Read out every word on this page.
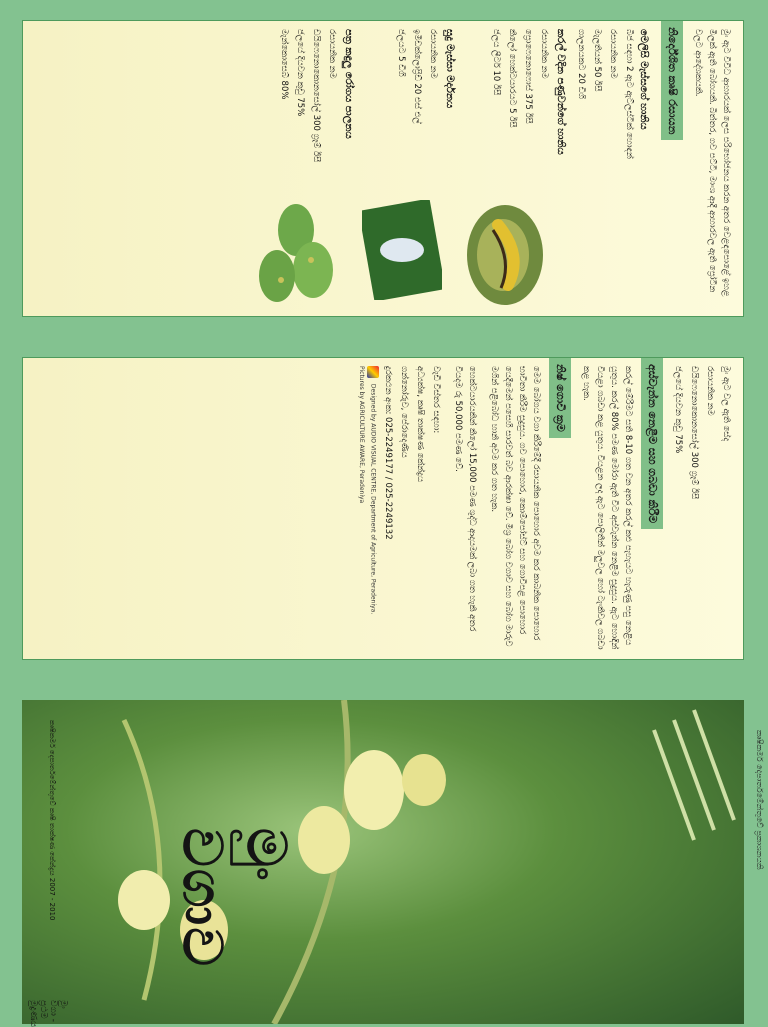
මුං ඇට විවිධ ආහාරයක් ලෙස පරිභෝජනය කරන අතර වෙළඳපොළේ ඉහළ මිලක් ඇති බෝගයකි. බිත්තර, ගව පට්ටි, මාංශ ආදී ආහාරවල ඇති ප්‍රෝටීන වලට ආදේශකයකි.
නිර්දේශිත කෘෂි රසායන
මෙලිසි මැස්සගේ හානිය
බීජ සඳහා 2 ඇට ඇට්ලස්ටික් හොඳන්
රසායනික නම
මැලතියන් 50 ඊසී
ගාලනයකට 20 ඩිගි
කරල් වදින පණුවන්ගේ හානිය
රසායනික නම
ප්‍රොෆෙනොෆොස් 375 ඊසී
කිලෝ හෙක්ටයාරයට 5 ඊසී
ජලය ලීටර් 10 ඊසී
සුදු මැස්සා මර්දනය
රසායනික නම
ඉමිඩක්ලොප්‍රිඩ් 20 එස් එල්
ජලයට 5 ඩිගි
පත්‍ර කඳුලු රෝගය පාලනය
රසායනික නම
ඩයිෆෙනොකොනසෝල් 300 ග්‍රෑම් ඊසී
ජලයේ දියවන කුඩු 75%
මැන්කොසෙබ් 80%
මුං ඇට වල ඇති සේද
රසායනික නම
ඩයිෆෙනොකොනසෝල් 300 ග්‍රෑම් ඊසී
ජලයේ දියවන කුඩු 75%
අස්වැන්න නෙළීම සහ ගබඩා කිරීම
කරල් මේරීමට සති 8-10 ගත වන අතර කරල් කළු පැහැයට හැරුණු පසු නෙළිය යුතුය. කරල් 80% පමණ මෝරා ඇති විට අස්වැන්න නෙළීම සුදුසුය. ඇට හොඳින් වියළා ගබඩා කළ යුතුය. වියළන ලද ඇට පොලිතීන් මලුවල හෝ ටැංකිවල ගබඩා කළ හැක.
නිෂ් ගොවි ක්‍රම
මෙම බෝගය වගා කිරීමේදී රසායනික පොහොර අවම කර කාබනික පොහොර භාවිතා කිරීම සුදුසුය. ගව පොහොර, කොම්පෝස්ට් සහ ගොවිපළ පොහොර යෙදීමෙන් පසෙහි සාරවත් බව ආරක්ෂා වේ. මිශ්‍ර බෝග වගාව සහ බෝග මාරුව මගින් පළිබෝධ හානි අවම කර ගත හැක.
හෙක්ටයාරයකින් කිලෝ 15,000 පමණ ශුද්ධ ආදායමක් ලබා ගත හැකි අතර වියදම රු 50,000 පමණ වේ.
වැඩි විස්තර සඳහා:
අධ්‍යක්ෂ, කෘෂි තාක්ෂණ කේන්ද්‍රය
ගන්නෝරුව, පේරාදෙණිය
දුරකථන අංක: 025-2249177 / 025-2249132
Designed by AUDIO VISUAL CENTRE, Department of Agriculture, Peradeniya.
Pictures by AGRICULTURE AWARE, Peradeniya
මුං වගාව
මුං වගා - ප්‍රථම මුද්‍රණය
කෘෂිකර්ම දෙපාර්තමේන්තුවේ කෘෂි තාක්ෂණ කේන්ද්‍රය 2007 - 2010	කෘෂිකර්ම දෙපාර්තමේන්තුවේ ප්‍රකාශනයකි
